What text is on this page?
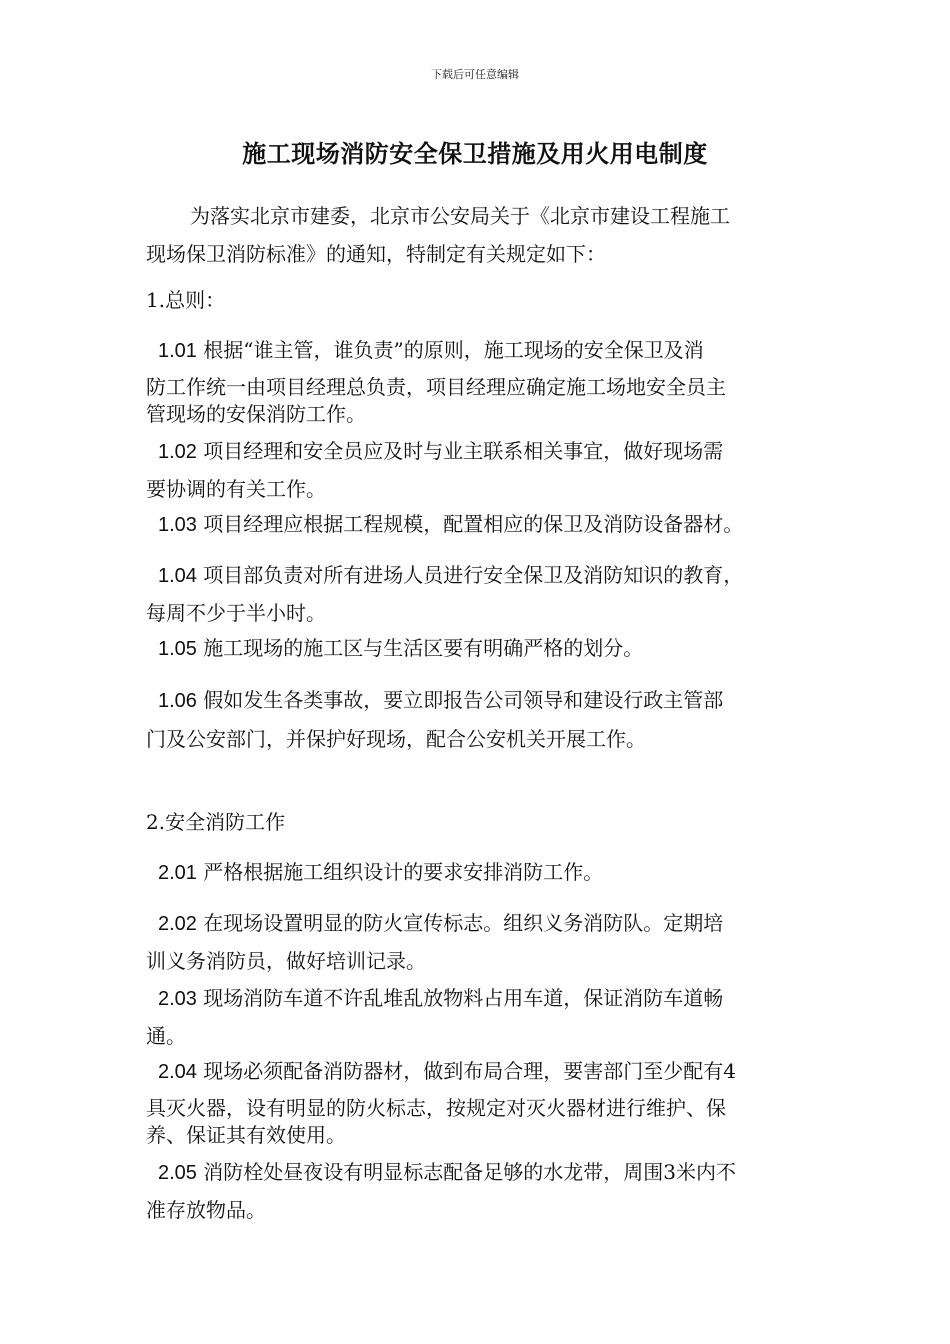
下载后可任意编辑
施工现场消防安全保卫措施及用火用电制度
为落实北京市建委，北京市公安局关于《北京市建设工程施工
现场保卫消防标准》的通知，特制定有关规定如下：
1.总则：
1.01 根据“谁主管，谁负责”的原则，施工现场的安全保卫及消
防工作统一由项目经理总负责，项目经理应确定施工场地安全员主
管现场的安保消防工作。
1.02 项目经理和安全员应及时与业主联系相关事宜，做好现场需
要协调的有关工作。
1.03 项目经理应根据工程规模，配置相应的保卫及消防设备器材。
1.04 项目部负责对所有进场人员进行安全保卫及消防知识的教育，
每周不少于半小时。
1.05 施工现场的施工区与生活区要有明确严格的划分。
1.06 假如发生各类事故，要立即报告公司领导和建设行政主管部
门及公安部门，并保护好现场，配合公安机关开展工作。
2.安全消防工作
2.01 严格根据施工组织设计的要求安排消防工作。
2.02 在现场设置明显的防火宣传标志。组织义务消防队。定期培
训义务消防员，做好培训记录。
2.03 现场消防车道不许乱堆乱放物料占用车道，保证消防车道畅
通。
2.04 现场必须配备消防器材，做到布局合理，要害部门至少配有4
具灭火器，设有明显的防火标志，按规定对灭火器材进行维护、保
养、保证其有效使用。
2.05 消防栓处昼夜设有明显标志配备足够的水龙带，周围3米内不
准存放物品。
